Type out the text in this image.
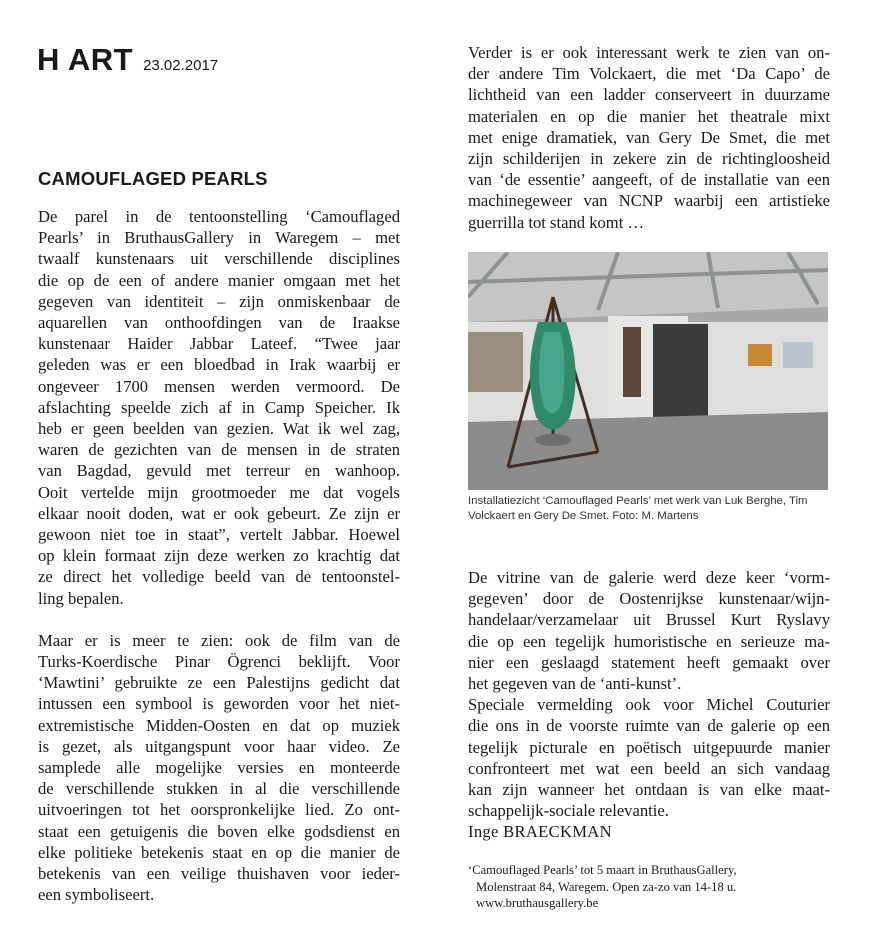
H ART 23.02.2017
CAMOUFLAGED PEARLS
De parel in de tentoonstelling ‘Camouflaged
Pearls’ in BruthausGallery in Waregem – met
twaalf kunstenaars uit verschillende disciplines
die op de een of andere manier omgaan met het
gegeven van identiteit – zijn onmiskenbaar de
aquarellen van onthoofdingen van de Iraakse
kunstenaar Haider Jabbar Lateef. “Twee jaar
geleden was er een bloedbad in Irak waarbij er
ongeveer 1700 mensen werden vermoord. De
afslachting speelde zich af in Camp Speicher. Ik
heb er geen beelden van gezien. Wat ik wel zag,
waren de gezichten van de mensen in de straten
van Bagdad, gevuld met terreur en wanhoop.
Ooit vertelde mijn grootmoeder me dat vogels
elkaar nooit doden, wat er ook gebeurt. Ze zijn er
gewoon niet toe in staat”, vertelt Jabbar. Hoewel
op klein formaat zijn deze werken zo krachtig dat
ze direct het volledige beeld van de tentoonstel-
ling bepalen.
Maar er is meer te zien: ook de film van de
Turks-Koerdische Pinar Ögrenci beklijft. Voor
‘Mawtini’ gebruikte ze een Palestijns gedicht dat
intussen een symbool is geworden voor het niet-
extremistische Midden-Oosten en dat op muziek
is gezet, als uitgangspunt voor haar video. Ze
samplede alle mogelijke versies en monteerde
de verschillende stukken in al die verschillende
uitvoeringen tot het oorspronkelijke lied. Zo ont-
staat een getuigenis die boven elke godsdienst en
elke politieke betekenis staat en op die manier de
betekenis van een veilige thuishaven voor ieder-
een symboliseert.
Verder is er ook interessant werk te zien van on-
der andere Tim Volckaert, die met ‘Da Capo’ de
lichtheid van een ladder conserveert in duurzame
materialen en op die manier het theatrale mixt
met enige dramatiek, van Gery De Smet, die met
zijn schilderijen in zekere zin de richtingloosheid
van ‘de essentie’ aangeeft, of de installatie van een
machinegeweer van NCNP waarbij een artistieke
guerrilla tot stand komt …
Installatiezicht ‘Camouflaged Pearls’ met werk van Luk Berghe, Tim
Volckaert en Gery De Smet. Foto: M. Martens
De vitrine van de galerie werd deze keer ‘vorm-
gegeven’ door de Oostenrijkse kunstenaar/wijn-
handelaar/verzamelaar uit Brussel Kurt Ryslavy
die op een tegelijk humoristische en serieuze ma-
nier een geslaagd statement heeft gemaakt over
het gegeven van de ‘anti-kunst’.
Speciale vermelding ook voor Michel Couturier
die ons in de voorste ruimte van de galerie op een
tegelijk picturale en poëtisch uitgepuurde manier
confronteert met wat een beeld an sich vandaag
kan zijn wanneer het ontdaan is van elke maat-
schappelijk-sociale relevantie.
Inge BRAECKMAN
‘Camouflaged Pearls’ tot 5 maart in BruthausGallery,
Molenstraat 84, Waregem. Open za-zo van 14-18 u.
www.bruthausgallery.be
